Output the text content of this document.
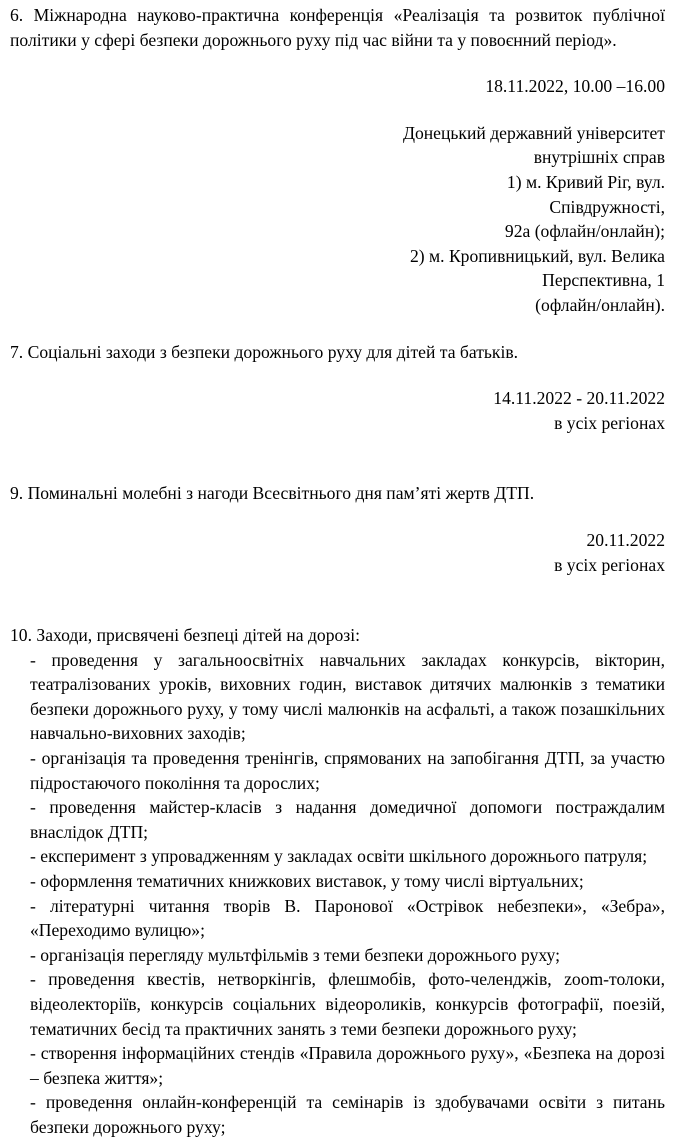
6. Міжнародна науково-практична конференція «Реалізація та розвиток публічної політики у сфері безпеки дорожнього руху під час війни та у повоєнний період».

18.11.2022, 10.00 –16.00

Донецький державний університет
внутрішніх справ
1) м. Кривий Ріг, вул. Співдружності,
92а (офлайн/онлайн);
2) м. Кропивницький, вул. Велика
Перспективна, 1
(офлайн/онлайн).

7. Соціальні заходи з безпеки дорожнього руху для дітей та батьків.

14.11.2022 - 20.11.2022

в усіх регіонах

9. Поминальні молебні з нагоди Всесвітнього дня пам’яті жертв ДТП.

20.11.2022

в усіх регіонах

10. Заходи, присвячені безпеці дітей на дорозі:

- проведення у загальноосвітніх навчальних закладах конкурсів, вікторин, театралізованих уроків, виховних годин, виставок дитячих малюнків з тематики безпеки дорожнього руху, у тому числі малюнків на асфальті, а також позашкільних навчально-виховних заходів;

- організація та проведення тренінгів, спрямованих на запобігання ДТП, за участю підростаючого покоління та дорослих;

- проведення майстер-класів з надання домедичної допомоги постраждалим внаслідок ДТП;

- експеримент з упровадженням у закладах освіти шкільного дорожнього патруля;

- оформлення тематичних книжкових виставок, у тому числі віртуальних;

- літературні читання творів В. Паронової «Острівок небезпеки», «Зебра», «Переходимо вулицю»;

- організація перегляду мультфільмів з теми безпеки дорожнього руху;

- проведення квестів, нетворкінгів, флешмобів, фото-челенджів, zoom-толоки, відеолекторіїв, конкурсів соціальних відеороликів, конкурсів фотографії, поезій, тематичних бесід та практичних занять з теми безпеки дорожнього руху;

- створення інформаційних стендів «Правила дорожнього руху», «Безпека на дорозі – безпека життя»;

- проведення онлайн-конференцій та семінарів із здобувачами освіти з питань безпеки дорожнього руху;
